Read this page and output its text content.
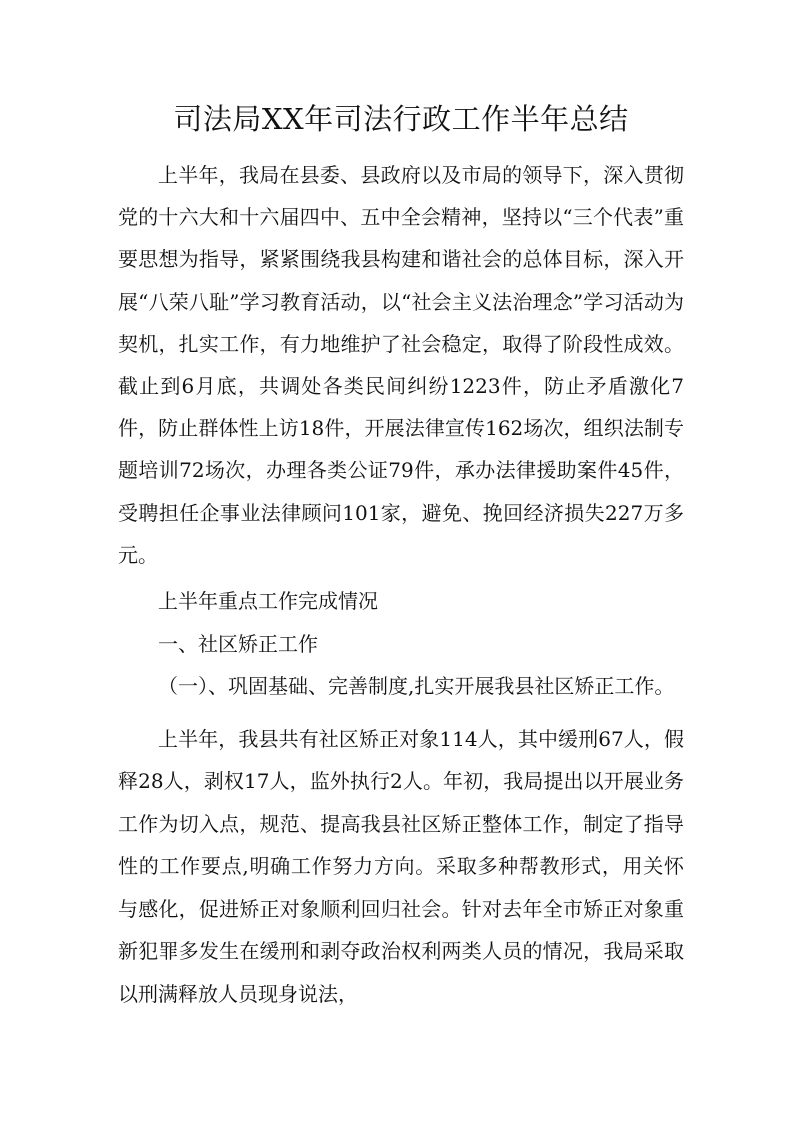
司法局XX年司法行政工作半年总结

上半年，我局在县委、县政府以及市局的领导下，深入贯彻党的十六大和十六届四中、五中全会精神，坚持以“三个代表”重要思想为指导，紧紧围绕我县构建和谐社会的总体目标，深入开展“八荣八耻”学习教育活动，以“社会主义法治理念”学习活动为契机，扎实工作，有力地维护了社会稳定，取得了阶段性成效。截止到6月底，共调处各类民间纠纷1223件，防止矛盾激化7件，防止群体性上访18件，开展法律宣传162场次，组织法制专题培训72场次，办理各类公证79件，承办法律援助案件45件，受聘担任企事业法律顾问101家，避免、挽回经济损失227万多元。

上半年重点工作完成情况

一、社区矫正工作

（一）、巩固基础、完善制度,扎实开展我县社区矫正工作。

上半年，我县共有社区矫正对象114人，其中缓刑67人，假释28人，剥权17人，监外执行2人。年初，我局提出以开展业务工作为切入点，规范、提高我县社区矫正整体工作，制定了指导性的工作要点,明确工作努力方向。采取多种帮教形式，用关怀与感化，促进矫正对象顺利回归社会。针对去年全市矫正对象重新犯罪多发生在缓刑和剥夺政治权利两类人员的情况，我局采取以刑满释放人员现身说法，
